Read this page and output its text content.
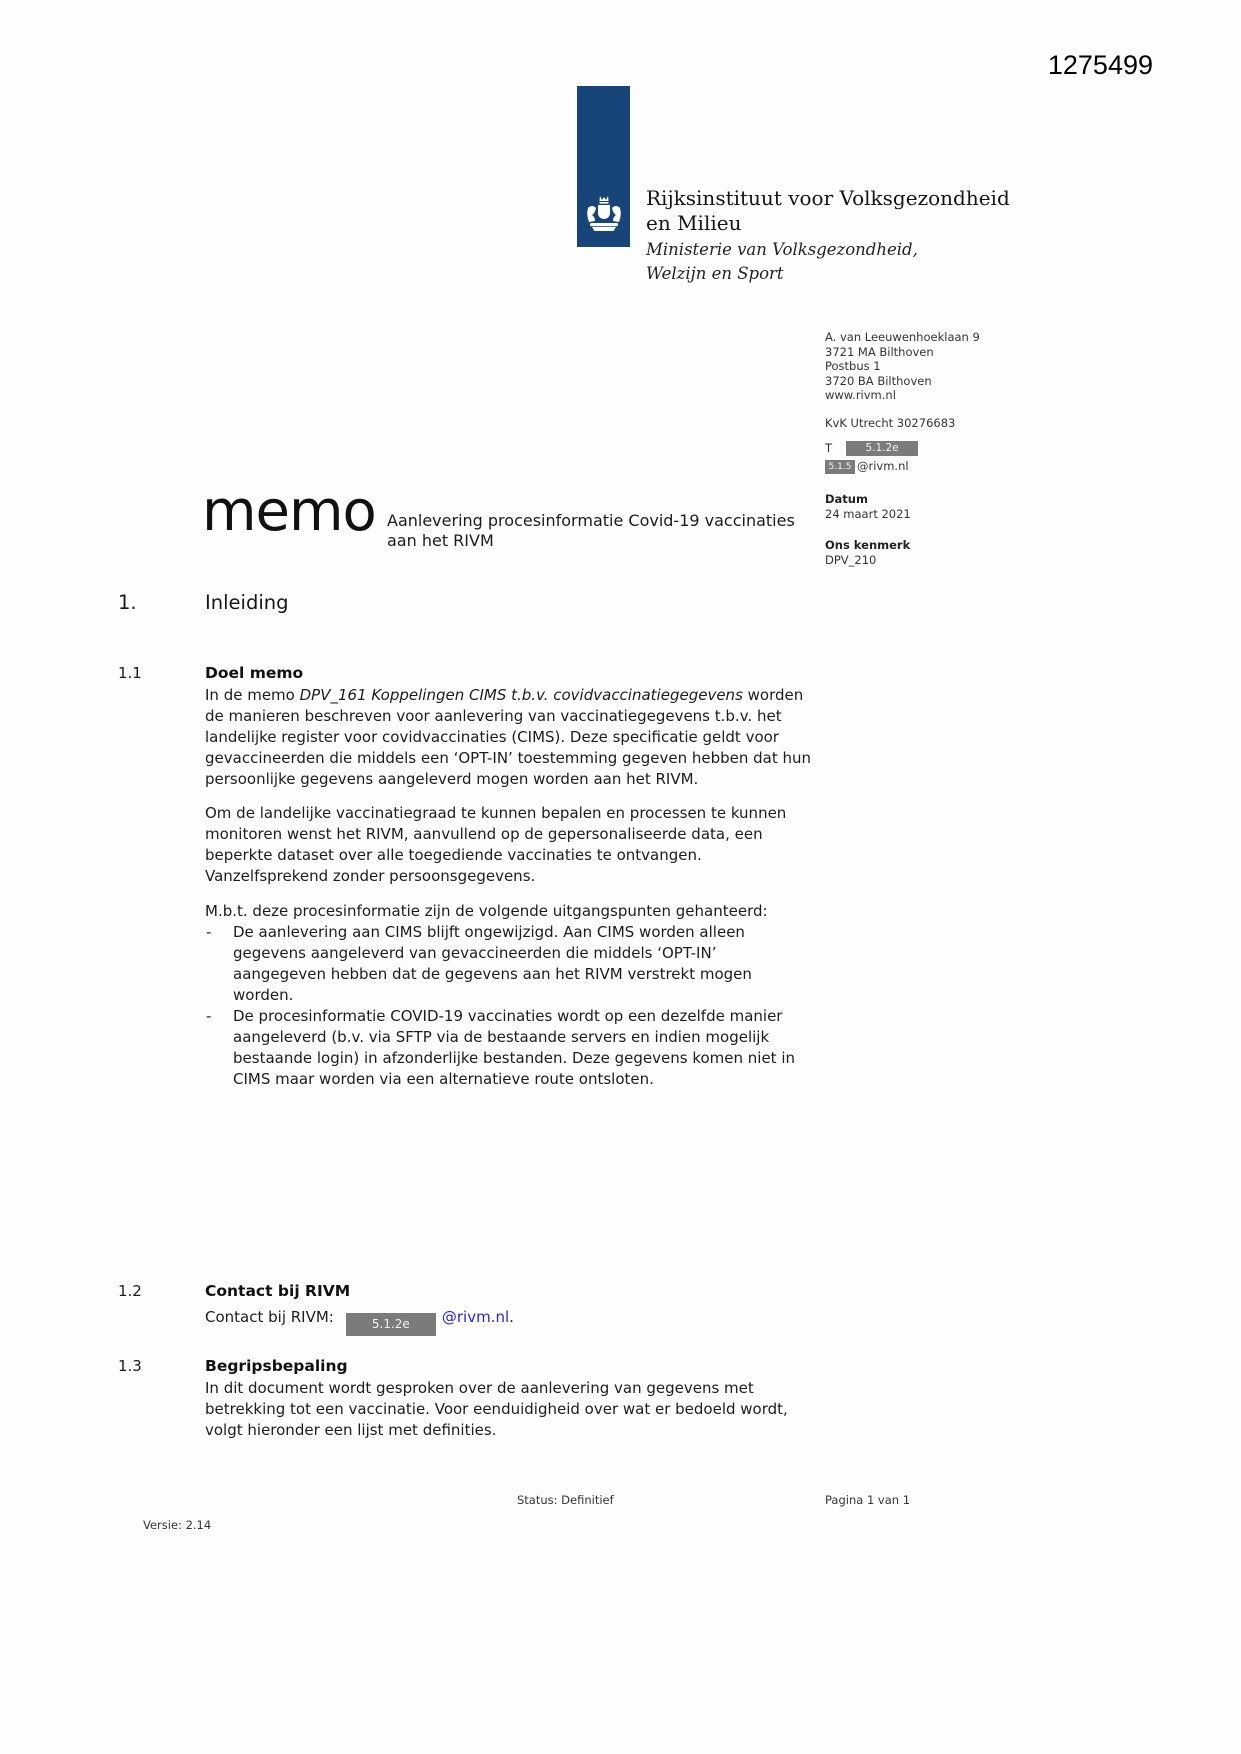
1275499
Rijksinstituut voor Volksgezondheid
en Milieu
Ministerie van Volksgezondheid,
Welzijn en Sport
A. van Leeuwenhoeklaan 9
3721 MA Bilthoven
Postbus 1
3720 BA Bilthoven
www.rivm.nl
KvK Utrecht 30276683
T	5.1.2e
5.1.5 @rivm.nl
Datum
24 maart 2021
Ons kenmerk
DPV_210
memo Aanlevering procesinformatie Covid-19 vaccinaties
aan het RIVM
1.	Inleiding
1.1	Doel memo
In de memo DPV_161 Koppelingen CIMS t.b.v. covidvaccinatiegegevens worden de manieren beschreven voor aanlevering van vaccinatiegegevens t.b.v. het landelijke register voor covidvaccinaties (CIMS). Deze specificatie geldt voor gevaccineerden die middels een ‘OPT-IN’ toestemming gegeven hebben dat hun persoonlijke gegevens aangeleverd mogen worden aan het RIVM.
Om de landelijke vaccinatiegraad te kunnen bepalen en processen te kunnen monitoren wenst het RIVM, aanvullend op de gepersonaliseerde data, een beperkte dataset over alle toegediende vaccinaties te ontvangen. Vanzelfsprekend zonder persoonsgegevens.
M.b.t. deze procesinformatie zijn de volgende uitgangspunten gehanteerd:
-	De aanlevering aan CIMS blijft ongewijzigd. Aan CIMS worden alleen gegevens aangeleverd van gevaccineerden die middels ‘OPT-IN’ aangegeven hebben dat de gegevens aan het RIVM verstrekt mogen worden.
-	De procesinformatie COVID-19 vaccinaties wordt op een dezelfde manier aangeleverd (b.v. via SFTP via de bestaande servers en indien mogelijk bestaande login) in afzonderlijke bestanden. Deze gegevens komen niet in CIMS maar worden via een alternatieve route ontsloten.
1.2	Contact bij RIVM
Contact bij RIVM:	5.1.2e @rivm.nl.
1.3	Begripsbepaling
In dit document wordt gesproken over de aanlevering van gegevens met betrekking tot een vaccinatie. Voor eenduidigheid over wat er bedoeld wordt, volgt hieronder een lijst met definities.
Status: Definitief	Pagina 1 van 1
Versie: 2.14
